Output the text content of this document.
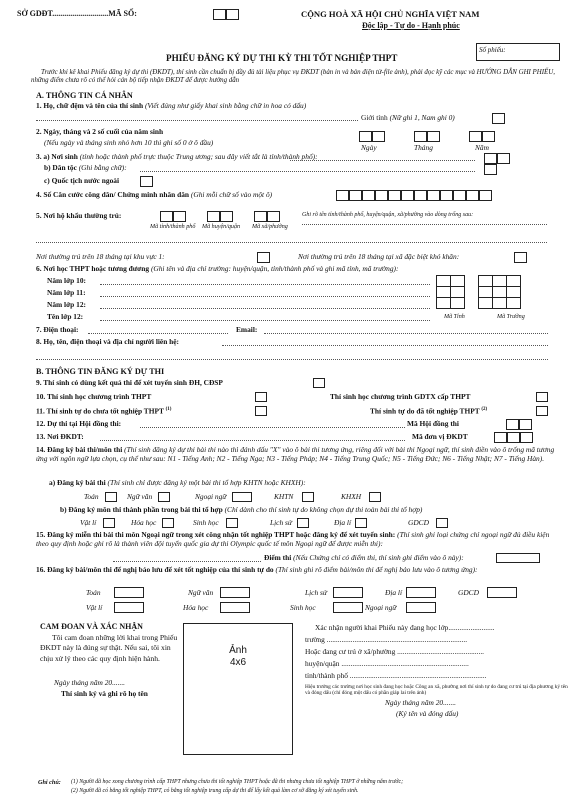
SỞ GDĐT............................MÃ SỐ:	CỘNG HOÀ XÃ HỘI CHỦ NGHĨA VIỆT NAM
Độc lập - Tự do - Hạnh phúc
Số phiếu:
PHIẾU ĐĂNG KÝ DỰ THI KỲ THI TỐT NGHIỆP THPT
Trước khi kê khai Phiếu đăng ký dự thi (ĐKDT), thí sinh cần chuẩn bị đầy đủ tài liệu phục vụ ĐKDT (bản in và bản điện tử-file ảnh), phải đọc kỹ các mục và HƯỚNG DẪN GHI PHIẾU, những điểm chưa rõ có thể hỏi cán bộ tiếp nhận ĐKDT để được hướng dẫn
A. THÔNG TIN CÁ NHÂN
1. Họ, chữ đệm và tên của thí sinh (Viết đúng như giấy khai sinh bằng chữ in hoa có dấu)
Giới tính (Nữ ghi 1, Nam ghi 0)
2. Ngày, tháng và 2 số cuối của năm sinh
(Nếu ngày và tháng sinh nhỏ hơn 10 thì ghi số 0 ở ô đầu)
Ngày	Tháng	Năm
3. a) Nơi sinh (tỉnh hoặc thành phố trực thuộc Trung ương; sau đây viết tắt là tỉnh/thành phố):
b) Dân tộc (Ghi bằng chữ):
c) Quốc tịch nước ngoài
4. Số Căn cước công dân/ Chứng minh nhân dân (Ghi mỗi chữ số vào một ô)
5. Nơi hộ khẩu thường trú:	Ghi rõ tên tỉnh/thành phố, huyện/quận, xã/phường vào dòng trống sau:
Mã tỉnh/thành phố Mã huyện/quận Mã xã/phường
Nơi thường trú trên 18 tháng tại khu vực 1:	Nơi thường trú trên 18 tháng tại xã đặc biệt khó khăn:
6. Nơi học THPT hoặc tương đương (Ghi tên và địa chỉ trường: huyện/quận, tỉnh/thành phố và ghi mã tỉnh, mã trường):
Năm lớp 10:
Năm lớp 11:
Năm lớp 12:
Tên lớp 12:

						Mã Tỉnh	Mã Trường
7. Điện thoại:	Email:
8. Họ, tên, điện thoại và địa chỉ người liên hệ:
B. THÔNG TIN ĐĂNG KÝ DỰ THI
9. Thí sinh có dùng kết quả thi để xét tuyển sinh ĐH, CĐSP
10. Thí sinh học chương trình THPT	Thí sinh học chương trình GDTX cấp THPT
11. Thí sinh tự do chưa tốt nghiệp THPT $^{(1)}$	Thí sinh tự do đã tốt nghiệp THPT $^{(2)}$
12. Dự thi tại Hội đồng thi:	Mã Hội đồng thi
13. Nơi ĐKDT:	Mã đơn vị ĐKDT
14. Đăng ký bài thi/môn thi (Thí sinh đăng ký dự thi bài thi nào thì đánh dấu "X" vào ô bài thi tương ứng, riêng đối với bài thi Ngoại ngữ, thí sinh điền vào ô trống mã tương ứng với ngôn ngữ lựa chọn, cụ thể như sau: N1 - Tiếng Anh; N2 - Tiếng Nga; N3 - Tiếng Pháp; N4 - Tiếng Trung Quốc; N5 - Tiếng Đức; N6 - Tiếng Nhật; N7 - Tiếng Hàn).
a) Đăng ký bài thi (Thí sinh chỉ được đăng ký một bài thi tổ hợp KHTN hoặc KHXH):
Toán	Ngữ văn	Ngoại ngữ	KHTN	KHXH
b) Đăng ký môn thi thành phần trong bài thi tổ hợp (Chỉ dành cho thí sinh tự do không chọn dự thi toàn bài thi tổ hợp)
Vật lí	Hóa học	Sinh học	Lịch sử	Địa lí	GDCD
15. Đăng ký miễn thi bài thi môn Ngoại ngữ trong xét công nhận tốt nghiệp THPT hoặc đăng ký để xét tuyển sinh: (Thí sinh ghi loại chứng chỉ ngoại ngữ đủ điều kiện theo quy định hoặc ghi rõ là thành viên đội tuyển quốc gia dự thi Olympic quốc tế môn Ngoại ngữ để được miễn thi):
Điểm thi (Nếu Chứng chỉ có điểm thi, thí sinh ghi điểm vào ô này):
16. Đăng ký bài/môn thi để nghị bảo lưu để xét tốt nghiệp của thí sinh tự do (Thí sinh ghi rõ điểm bài/môn thi để nghị bảo lưu vào ô tương ứng):
Toán	Ngữ văn	Lịch sử	Địa lí	GDCD
Vật lí	Hóa học	Sinh học	Ngoại ngữ
CAM ĐOAN VÀ XÁC NHẬN
Tôi cam đoan những lời khai trong Phiếu ĐKDT này là đúng sự thật. Nếu sai, tôi xin chịu xử lý theo các quy định hiện hành.
Ngày tháng năm 20.......
Thí sinh ký và ghi rõ họ tên
Ảnh
4x6
Xác nhận người khai Phiếu này đang học lớp.........................
trường ............................................................................
Hoặc đang cư trú ở xã/phường ...............................................
huyện/quận .....................................................................
tỉnh/thành phố ..........................................................................
Hiệu trưởng các trường nơi học sinh đang học hoặc Công an xã, phường nơi thí sinh tự do đang cư trú tại địa phương ký tên và đóng dấu (chỉ đóng một dấu có phần giáp lai trên ảnh)
Ngày tháng năm 20.......
(Ký tên và đóng dấu)
Ghi chú: (1) Người đã học xong chương trình cấp THPT nhưng chưa thi tốt nghiệp THPT hoặc đã thi nhưng chưa tốt nghiệp THPT ở những năm trước;
(2) Người đã có bằng tốt nghiệp THPT, có bằng tốt nghiệp trung cấp dự thi để lấy kết quả làm cơ sở đăng ký xét tuyển sinh.
